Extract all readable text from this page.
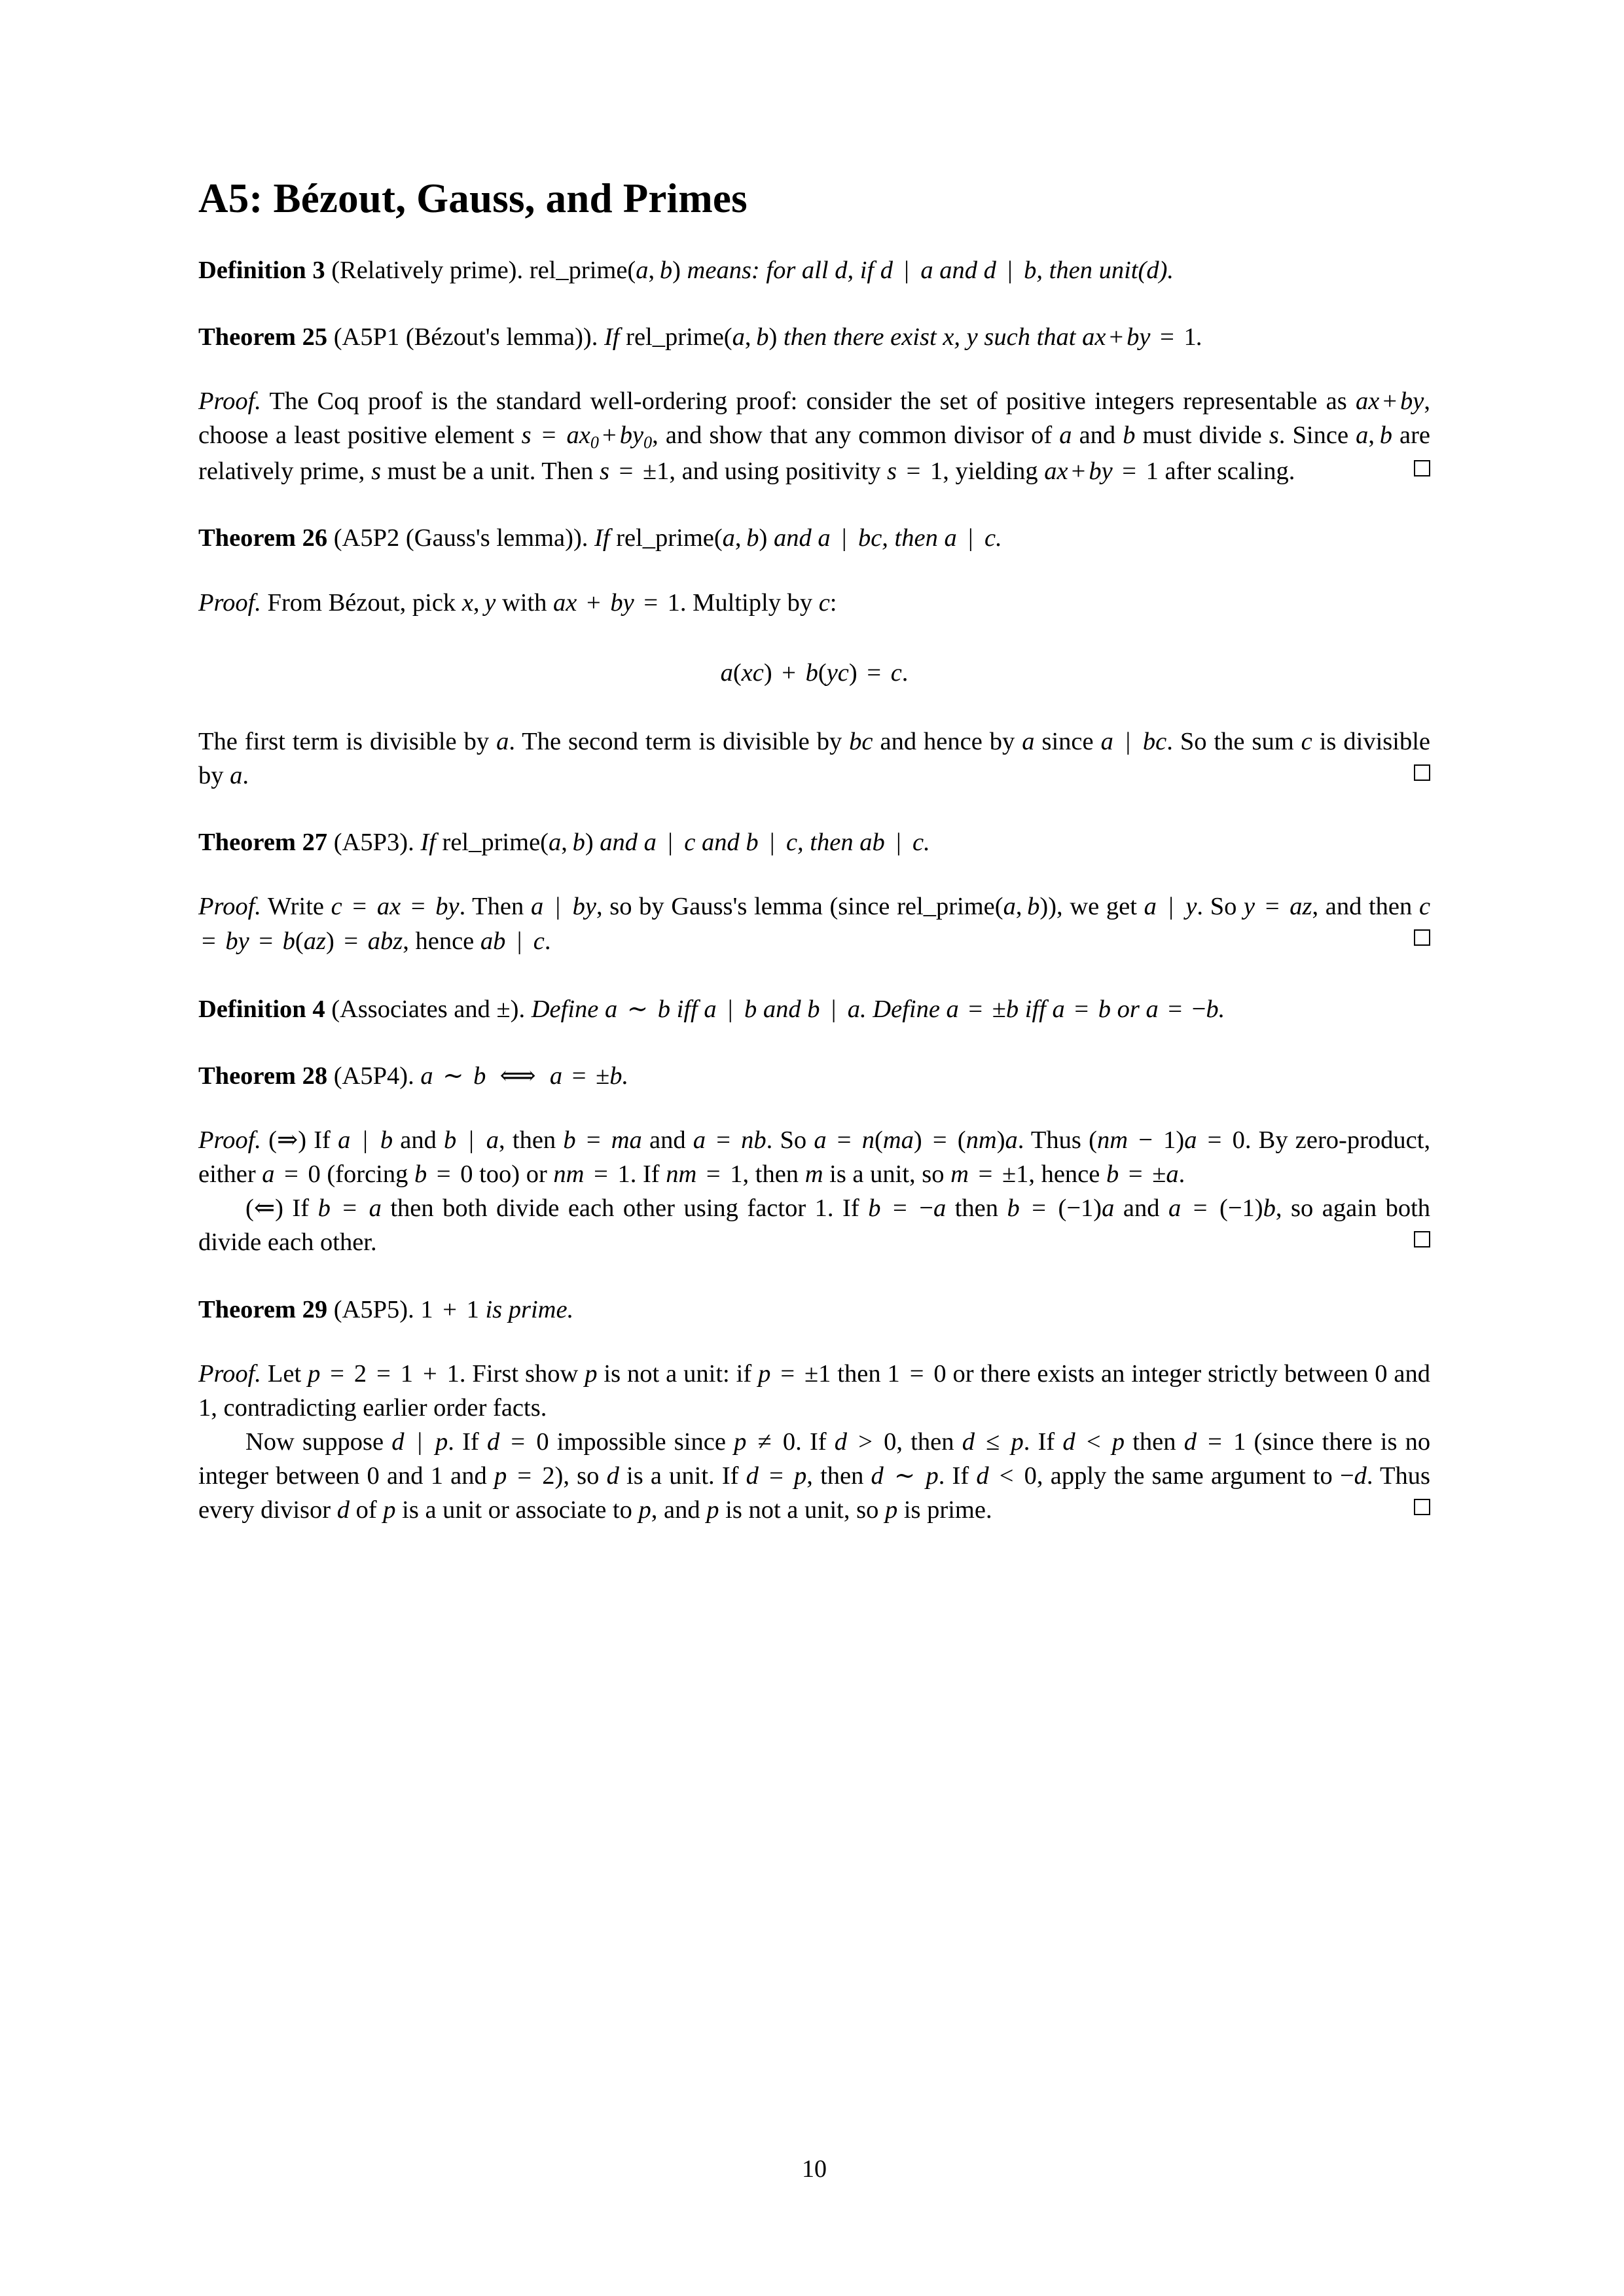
A5: Bézout, Gauss, and Primes

Definition 3 (Relatively prime). rel_prime(a, b) means: for all d, if d | a and d | b, then unit(d).

Theorem 25 (A5P1 (Bézout's lemma)). If rel_prime(a, b) then there exist x, y such that ax + by = 1.

Proof. The Coq proof is the standard well-ordering proof: consider the set of positive integers representable as ax + by, choose a least positive element $s = ax_0 + by_0$, and show that any common divisor of a and b must divide s. Since a, b are relatively prime, s must be a unit. Then s = ±1, and using positivity s = 1, yielding ax + by = 1 after scaling.

Theorem 26 (A5P2 (Gauss's lemma)). If rel_prime(a, b) and a | bc, then a | c.

Proof. From Bézout, pick x, y with ax + by = 1. Multiply by c:

a(xc) + b(yc) = c.

The first term is divisible by a. The second term is divisible by bc and hence by a since a | bc. So the sum c is divisible by a.

Theorem 27 (A5P3). If rel_prime(a, b) and a | c and b | c, then ab | c.

Proof. Write c = ax = by. Then a | by, so by Gauss's lemma (since rel_prime(a, b)), we get a | y. So y = az, and then c = by = b(az) = abz, hence ab | c.

Definition 4 (Associates and ±). Define a ∼ b iff a | b and b | a. Define a = ±b iff a = b or a = −b.

Theorem 28 (A5P4). a ∼ b ⟺ a = ±b.

Proof. (⇒) If a | b and b | a, then b = ma and a = nb. So a = n(ma) = (nm)a. Thus (nm − 1)a = 0. By zero-product, either a = 0 (forcing b = 0 too) or nm = 1. If nm = 1, then m is a unit, so m = ±1, hence b = ±a.

(⇐) If b = a then both divide each other using factor 1. If b = −a then b = (−1)a and a = (−1)b, so again both divide each other.

Theorem 29 (A5P5). 1 + 1 is prime.

Proof. Let p = 2 = 1 + 1. First show p is not a unit: if p = ±1 then 1 = 0 or there exists an integer strictly between 0 and 1, contradicting earlier order facts.

Now suppose d | p. If d = 0 impossible since p ≠ 0. If d > 0, then d ≤ p. If d < p then d = 1 (since there is no integer between 0 and 1 and p = 2), so d is a unit. If d = p, then d ∼ p. If d < 0, apply the same argument to −d. Thus every divisor d of p is a unit or associate to p, and p is not a unit, so p is prime.

10
